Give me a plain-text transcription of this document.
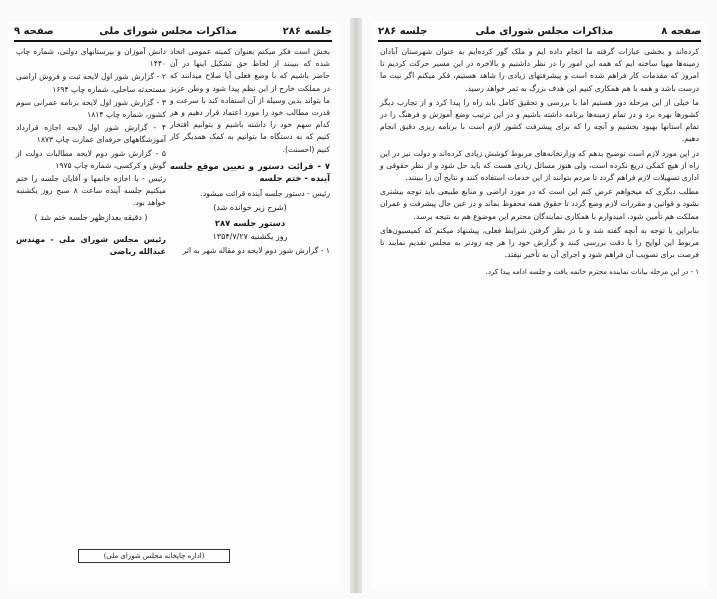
جلسه ۲۸۶
مذاکرات مجلس شورای ملی
صفحه ۹

بخش است فکر میکنم بعنوان کمیته عمومی اتخاذ شده که ببینند از لحاظ حق تشکیل اینها در آن حاضر باشیم که با وضع فعلی آیا صلاح میدانند که در مملکت خارج از این نظم پیدا شود و وطن عزیز ما بتواند بدین وسیله از آن استفاده کند با سرعت و قدرت مطالب خود را مورد اعتماد قرار دهیم و هر کدام سهم خود را داشته باشیم و بتوانیم افتخار کنیم که به دستگاه ما بتوانیم به کمک همدیگر کار کنیم (احسنت).

۷ - قرائت دستور و تعیین موقع جلسه آینده - ختم جلسه

رئیس - دستور جلسه آینده قرائت میشود.

(شرح زیر خوانده شد)

دستور جلسه ۲۸۷

روز یکشنبه ۱۳۵۴/۷/۲۷

۱ - گزارش شور دوم لایحه دو مقاله شهر به اثر

دانش آموزان و بیرستانهای دولتی، شماره چاپ ۱۴۴۰

۲ - گزارش شور اول لایحه ثبت و فروش اراضی مستحدثه ساحلی، شماره چاپ ۱۶۹۴

۳ - گزارش شور اول لایحه برنامه عمرانی سوم کشور، شماره چاپ ۱۸۱۴

۴ - گزارش شور اول لایحه اجازه قرارداد آموزشگاههای حرفه‌ای عمارت چاپ ۱۸۷۳

۵ - گزارش شور دوم لایحه مطالبات دولت از گوش و کرکسی، شماره چاپ ۱۹۷۵

رئیس - با اجازه خانمها و آقایان جلسه را ختم میکنیم جلسه آینده ساعت ۸ صبح روز یکشنبه خواهد بود.

( دقیقه بعدازظهر جلسه ختم شد )

رئیس مجلس شورای ملی - مهندس عبدالله ریاضی

(اداره چاپخانه مجلس شورای ملی)
صفحه ۸
مذاکرات مجلس شورای ملی
جلسه ۲۸۶

کرده‌اند و بخشی عبارات گرفته ما انجام داده ایم و ملک گور کرده‌ایم به عنوان شهرستان آبادان زمینه‌ها مهیا ساخته ایم که همه این امور را در نظر داشتیم و بالاخره در این مسیر حرکت کردیم تا امروز که مقدمات کار فراهم شده است و پیشرفتهای زیادی را شاهد هستیم، فکر میکنم اگر نیت ما درست باشد و همه با هم همکاری کنیم این هدف بزرگ به ثمر خواهد رسید.

ما خیلی از این مرحله دور هستیم اما با بررسی و تحقیق کامل باید راه را پیدا کرد و از تجارب دیگر کشورها بهره برد و در تمام زمینه‌ها برنامه داشته باشیم و در این ترتیب وضع آموزش و فرهنگ را در تمام استانها بهبود بخشیم و آنچه را که برای پیشرفت کشور لازم است با برنامه ریزی دقیق انجام دهیم.

در این مورد لازم است توضیح بدهم که وزارتخانه‌های مربوط کوشش زیادی کرده‌اند و دولت نیز در این راه از هیچ کمکی دریغ نکرده است، ولی هنوز مسائل زیادی هست که باید حل شود و از نظر حقوقی و اداری تسهیلات لازم فراهم گردد تا مردم بتوانند از این خدمات استفاده کنند و نتایج آن را ببینند.

مطلب دیگری که میخواهم عرض کنم این است که در مورد اراضی و منابع طبیعی باید توجه بیشتری بشود و قوانین و مقررات لازم وضع گردد تا حقوق همه محفوظ بماند و در عین حال پیشرفت و عمران مملکت هم تأمین شود، امیدوارم با همکاری نمایندگان محترم این موضوع هم به نتیجه برسد.

بنابراین با توجه به آنچه گفته شد و با در نظر گرفتن شرایط فعلی، پیشنهاد میکنم که کمیسیون‌های مربوط این لوایح را با دقت بررسی کنند و گزارش خود را هر چه زودتر به مجلس تقدیم نمایند تا فرصت برای تصویب آن فراهم شود و اجرای آن به تأخیر نیفتد.

۱ - در این مرحله بیانات نماینده محترم خاتمه یافت و جلسه ادامه پیدا کرد.
